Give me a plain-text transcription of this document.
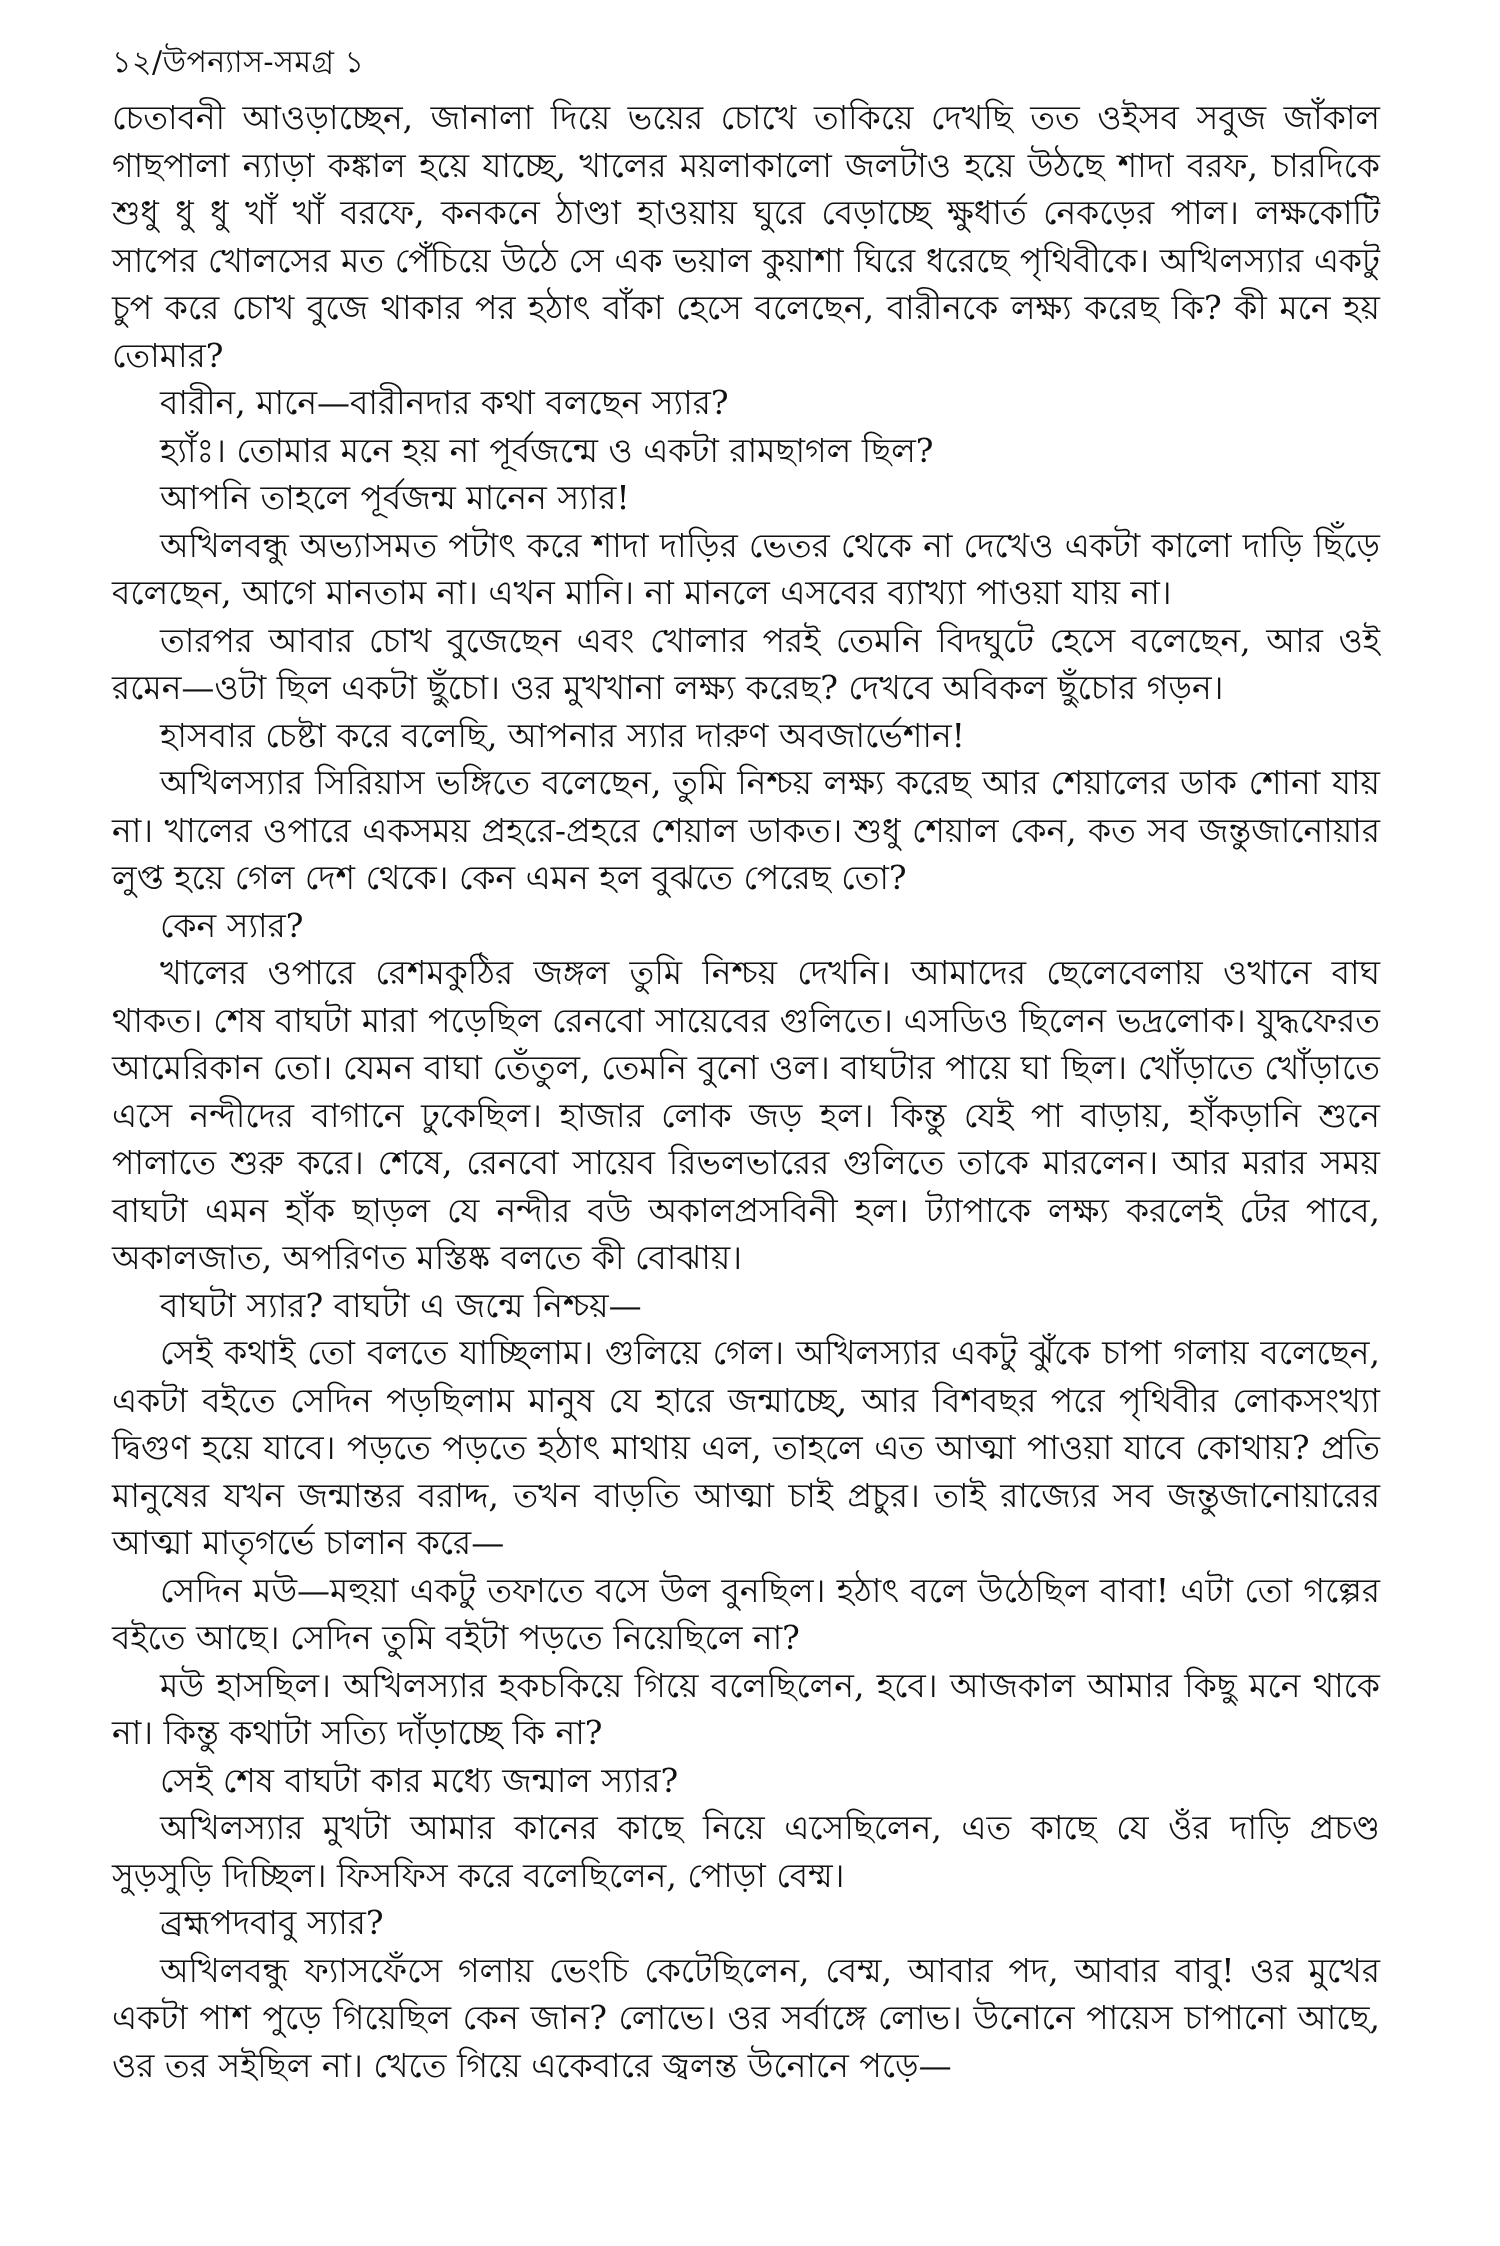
১২/উপন্যাস-সমগ্র ১

চেতাবনী আওড়াচ্ছেন, জানালা দিয়ে ভয়ের চোখে তাকিয়ে দেখছি তত ওইসব সবুজ জাঁকাল গাছপালা ন্যাড়া কঙ্কাল হয়ে যাচ্ছে, খালের ময়লাকালো জলটাও হয়ে উঠছে শাদা বরফ, চারদিকে শুধু ধু ধু খাঁ খাঁ বরফে, কনকনে ঠাণ্ডা হাওয়ায় ঘুরে বেড়াচ্ছে ক্ষুধার্ত নেকড়ের পাল। লক্ষকোটি সাপের খোলসের মত পেঁচিয়ে উঠে সে এক ভয়াল কুয়াশা ঘিরে ধরেছে পৃথিবীকে। অখিলস্যার একটু চুপ করে চোখ বুজে থাকার পর হঠাৎ বাঁকা হেসে বলেছেন, বারীনকে লক্ষ্য করেছ কি? কী মনে হয় তোমার?

বারীন, মানে—বারীনদার কথা বলছেন স্যার?

হ্যাঁঃ। তোমার মনে হয় না পূর্বজন্মে ও একটা রামছাগল ছিল?

আপনি তাহলে পূর্বজন্ম মানেন স্যার!

অখিলবন্ধু অভ্যাসমত পটাৎ করে শাদা দাড়ির ভেতর থেকে না দেখেও একটা কালো দাড়ি ছিঁড়ে বলেছেন, আগে মানতাম না। এখন মানি। না মানলে এসবের ব্যাখ্যা পাওয়া যায় না।

তারপর আবার চোখ বুজেছেন এবং খোলার পরই তেমনি বিদঘুটে হেসে বলেছেন, আর ওই রমেন—ওটা ছিল একটা ছুঁচো। ওর মুখখানা লক্ষ্য করেছ? দেখবে অবিকল ছুঁচোর গড়ন।

হাসবার চেষ্টা করে বলেছি, আপনার স্যার দারুণ অবজার্ভেশান!

অখিলস্যার সিরিয়াস ভঙ্গিতে বলেছেন, তুমি নিশ্চয় লক্ষ্য করেছ আর শেয়ালের ডাক শোনা যায় না। খালের ওপারে একসময় প্রহরে-প্রহরে শেয়াল ডাকত। শুধু শেয়াল কেন, কত সব জন্তুজানোয়ার লুপ্ত হয়ে গেল দেশ থেকে। কেন এমন হল বুঝতে পেরেছ তো?

কেন স্যার?

খালের ওপারে রেশমকুঠির জঙ্গল তুমি নিশ্চয় দেখনি। আমাদের ছেলেবেলায় ওখানে বাঘ থাকত। শেষ বাঘটা মারা পড়েছিল রেনবো সায়েবের গুলিতে। এসডিও ছিলেন ভদ্রলোক। যুদ্ধফেরত আমেরিকান তো। যেমন বাঘা তেঁতুল, তেমনি বুনো ওল। বাঘটার পায়ে ঘা ছিল। খোঁড়াতে খোঁড়াতে এসে নন্দীদের বাগানে ঢুকেছিল। হাজার লোক জড় হল। কিন্তু যেই পা বাড়ায়, হাঁকড়ানি শুনে পালাতে শুরু করে। শেষে, রেনবো সায়েব রিভলভারের গুলিতে তাকে মারলেন। আর মরার সময় বাঘটা এমন হাঁক ছাড়ল যে নন্দীর বউ অকালপ্রসবিনী হল। ট্যাপাকে লক্ষ্য করলেই টের পাবে, অকালজাত, অপরিণত মস্তিষ্ক বলতে কী বোঝায়।

বাঘটা স্যার? বাঘটা এ জন্মে নিশ্চয়—

সেই কথাই তো বলতে যাচ্ছিলাম। গুলিয়ে গেল। অখিলস্যার একটু ঝুঁকে চাপা গলায় বলেছেন, একটা বইতে সেদিন পড়ছিলাম মানুষ যে হারে জন্মাচ্ছে, আর বিশবছর পরে পৃথিবীর লোকসংখ্যা দ্বিগুণ হয়ে যাবে। পড়তে পড়তে হঠাৎ মাথায় এল, তাহলে এত আত্মা পাওয়া যাবে কোথায়? প্রতি মানুষের যখন জন্মান্তর বরাদ্দ, তখন বাড়তি আত্মা চাই প্রচুর। তাই রাজ্যের সব জন্তুজানোয়ারের আত্মা মাতৃগর্ভে চালান করে—

সেদিন মউ—মহুয়া একটু তফাতে বসে উল বুনছিল। হঠাৎ বলে উঠেছিল বাবা! এটা তো গল্পের বইতে আছে। সেদিন তুমি বইটা পড়তে নিয়েছিলে না?

মউ হাসছিল। অখিলস্যার হকচকিয়ে গিয়ে বলেছিলেন, হবে। আজকাল আমার কিছু মনে থাকে না। কিন্তু কথাটা সত্যি দাঁড়াচ্ছে কি না?

সেই শেষ বাঘটা কার মধ্যে জন্মাল স্যার?

অখিলস্যার মুখটা আমার কানের কাছে নিয়ে এসেছিলেন, এত কাছে যে ওঁর দাড়ি প্রচণ্ড সুড়সুড়ি দিচ্ছিল। ফিসফিস করে বলেছিলেন, পোড়া বেম্ম।

ব্রহ্মপদবাবু স্যার?

অখিলবন্ধু ফ্যাসফেঁসে গলায় ভেংচি কেটেছিলেন, বেম্ম, আবার পদ, আবার বাবু! ওর মুখের একটা পাশ পুড়ে গিয়েছিল কেন জান? লোভে। ওর সর্বাঙ্গে লোভ। উনোনে পায়েস চাপানো আছে, ওর তর সইছিল না। খেতে গিয়ে একেবারে জ্বলন্ত উনোনে পড়ে—
